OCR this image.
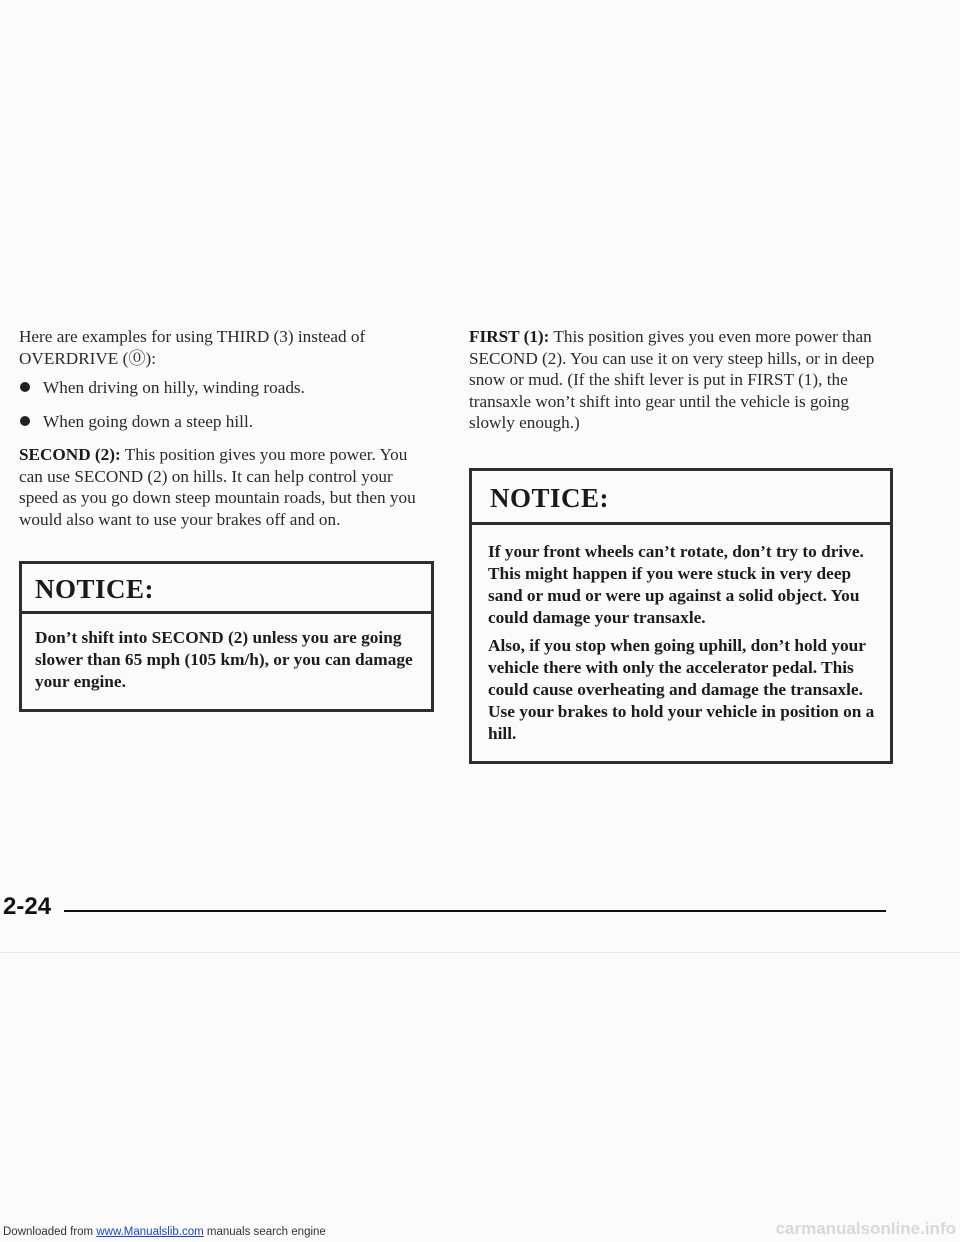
Here are examples for using THIRD (3) instead of OVERDRIVE (⓪):

When driving on hilly, winding roads.
When going down a steep hill.

SECOND (2): This position gives you more power. You can use SECOND (2) on hills. It can help control your speed as you go down steep mountain roads, but then you would also want to use your brakes off and on.

NOTICE:

Don’t shift into SECOND (2) unless you are going slower than 65 mph (105 km/h), or you can damage your engine.

FIRST (1): This position gives you even more power than SECOND (2). You can use it on very steep hills, or in deep snow or mud. (If the shift lever is put in FIRST (1), the transaxle won’t shift into gear until the vehicle is going slowly enough.)

NOTICE:

If your front wheels can’t rotate, don’t try to drive. This might happen if you were stuck in very deep sand or mud or were up against a solid object. You could damage your transaxle.

Also, if you stop when going uphill, don’t hold your vehicle there with only the accelerator pedal. This could cause overheating and damage the transaxle. Use your brakes to hold your vehicle in position on a hill.

2-24
Downloaded from www.Manualslib.com manuals search engine	carmanualsonline.info
